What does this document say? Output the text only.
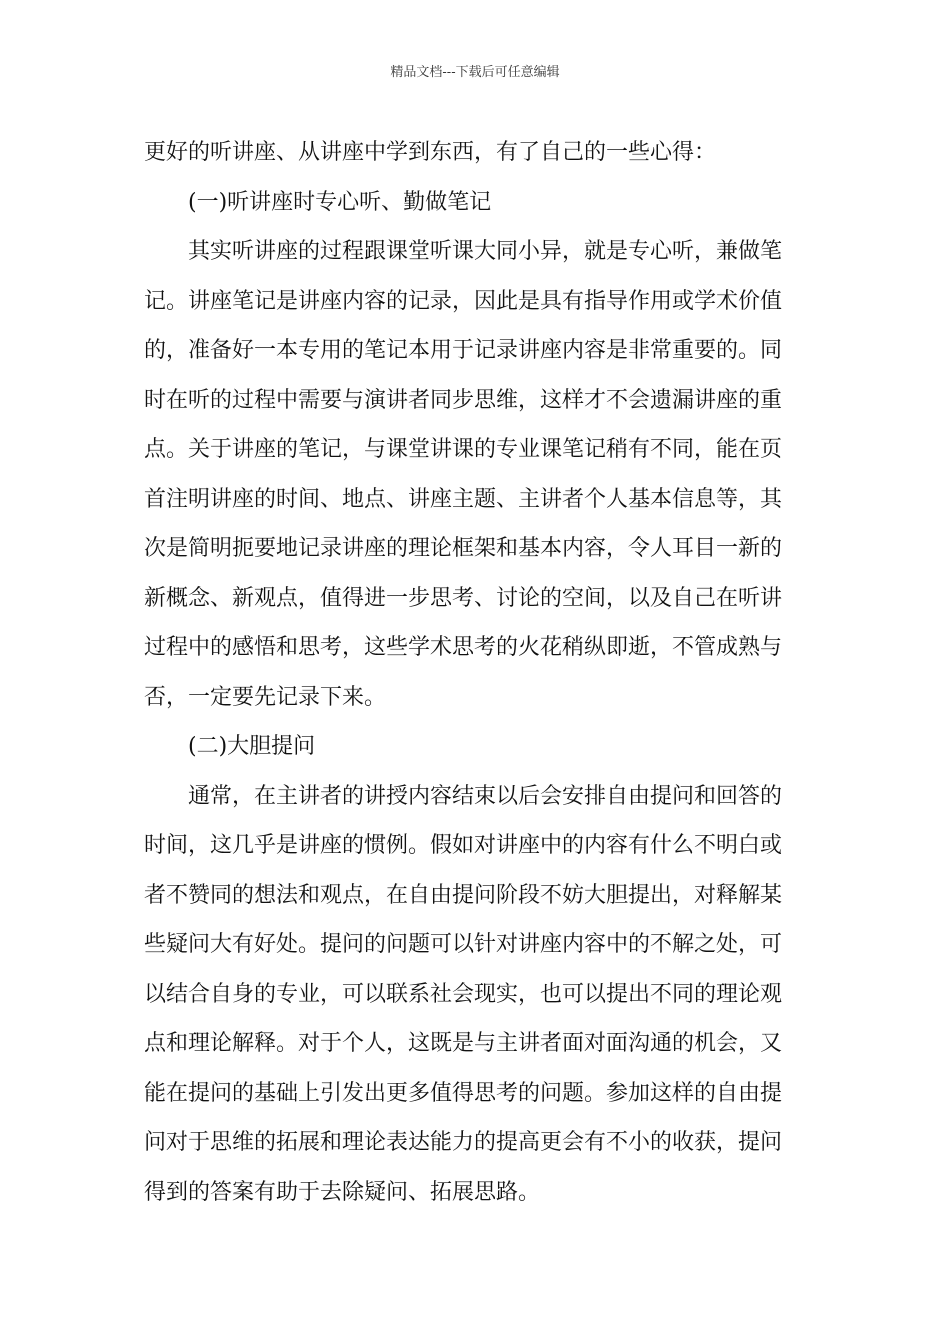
精品文档---下载后可任意编辑
更好的听讲座、从讲座中学到东西，有了自己的一些心得：
(一)听讲座时专心听、勤做笔记
其实听讲座的过程跟课堂听课大同小异，就是专心听，兼做笔
记。讲座笔记是讲座内容的记录，因此是具有指导作用或学术价值
的，准备好一本专用的笔记本用于记录讲座内容是非常重要的。同
时在听的过程中需要与演讲者同步思维，这样才不会遗漏讲座的重
点。关于讲座的笔记，与课堂讲课的专业课笔记稍有不同，能在页
首注明讲座的时间、地点、讲座主题、主讲者个人基本信息等，其
次是简明扼要地记录讲座的理论框架和基本内容，令人耳目一新的
新概念、新观点，值得进一步思考、讨论的空间，以及自己在听讲
过程中的感悟和思考，这些学术思考的火花稍纵即逝，不管成熟与
否，一定要先记录下来。
(二)大胆提问
通常，在主讲者的讲授内容结束以后会安排自由提问和回答的
时间，这几乎是讲座的惯例。假如对讲座中的内容有什么不明白或
者不赞同的想法和观点，在自由提问阶段不妨大胆提出，对释解某
些疑问大有好处。提问的问题可以针对讲座内容中的不解之处，可
以结合自身的专业，可以联系社会现实，也可以提出不同的理论观
点和理论解释。对于个人，这既是与主讲者面对面沟通的机会，又
能在提问的基础上引发出更多值得思考的问题。参加这样的自由提
问对于思维的拓展和理论表达能力的提高更会有不小的收获，提问
得到的答案有助于去除疑问、拓展思路。
